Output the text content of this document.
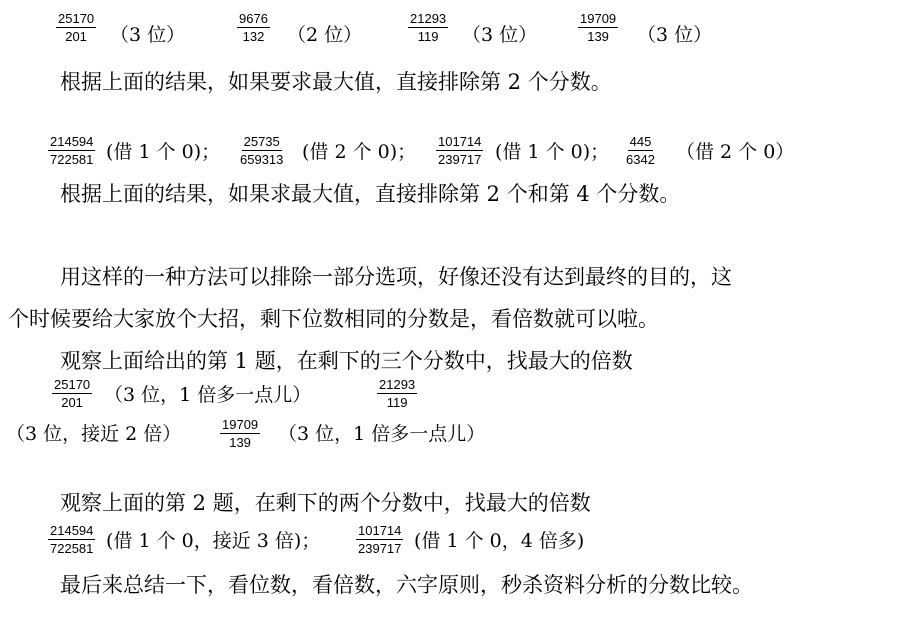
$\frac{25170}{201} (3$ 位）	$\frac{9676}{132} (2$ 位）	$\frac{21293}{119} (3$ 位）	$\frac{19709}{139} (3$ 位）
根据上面的结果，如果要求最大值，直接排除第 2 个分数。
$\frac{214594}{722581}$ (借 1 个 0)； $\frac{25735}{659313}$ (借 2 个 0)； $\frac{101714}{239717}$ (借 1 个 0)； $\frac{445}{6342}$ （借 2 个 0）
根据上面的结果，如果求最大值，直接排除第 2 个和第 4 个分数。
用这样的一种方法可以排除一部分选项，好像还没有达到最终的目的，这
个时候要给大家放个大招，剩下位数相同的分数是，看倍数就可以啦。
观察上面给出的第 1 题，在剩下的三个分数中，找最大的倍数
$\frac{25170}{201} (3$ 位，1 倍多一点儿）	$\frac{21293}{119}$
（3 位，接近 2 倍）	$\frac{19709}{139} (3$ 位，1 倍多一点儿）
观察上面的第 2 题，在剩下的两个分数中，找最大的倍数
$\frac{214594}{722581}$ (借 1 个 0，接近 3 倍)；	$\frac{101714}{239717}$ (借 1 个 0，4 倍多)
最后来总结一下，看位数，看倍数，六字原则，秒杀资料分析的分数比较。
